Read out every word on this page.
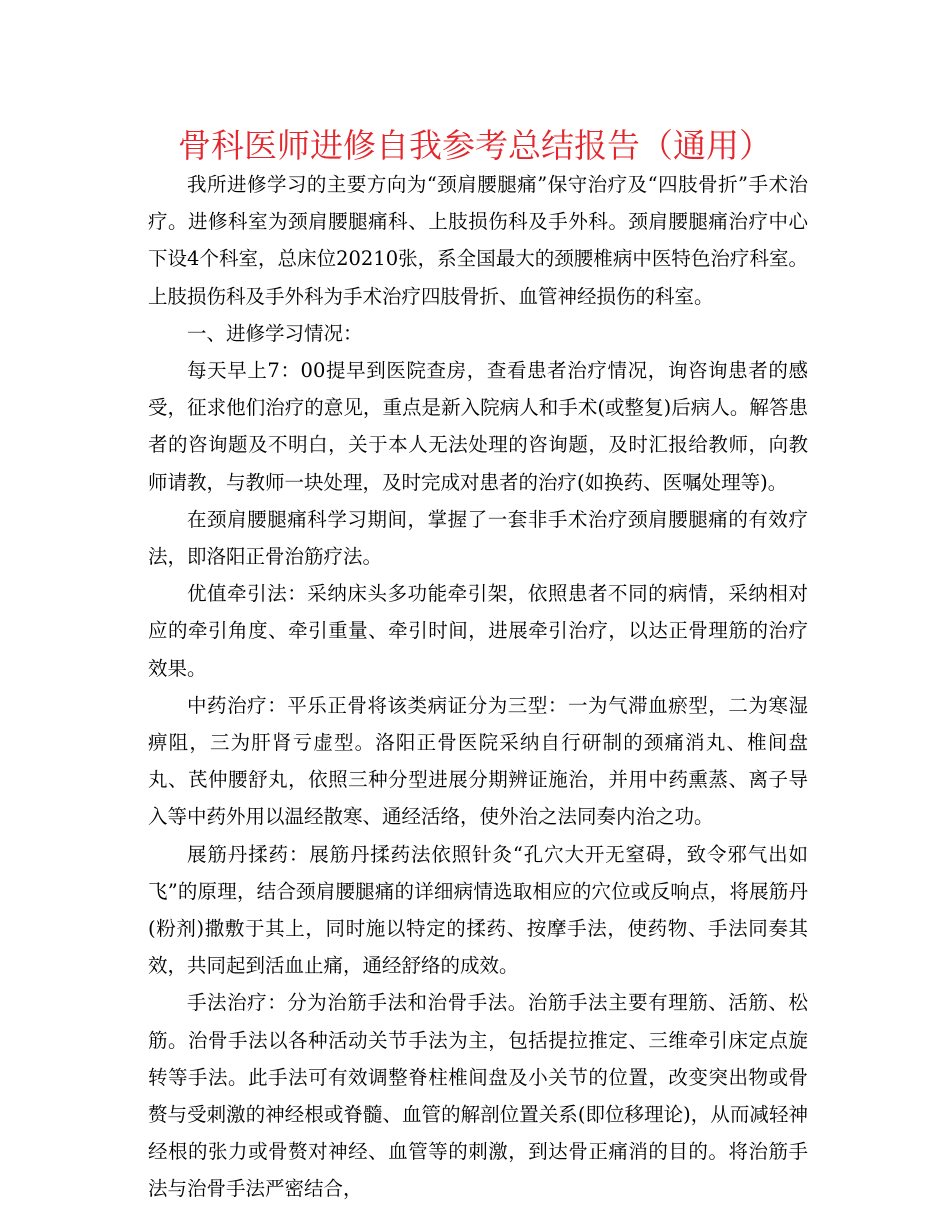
骨科医师进修自我参考总结报告（通用）

我所进修学习的主要方向为“颈肩腰腿痛”保守治疗及“四肢骨折”手术治疗。进修科室为颈肩腰腿痛科、上肢损伤科及手外科。颈肩腰腿痛治疗中心下设4个科室，总床位20210张，系全国最大的颈腰椎病中医特色治疗科室。上肢损伤科及手外科为手术治疗四肢骨折、血管神经损伤的科室。

一、进修学习情况：

每天早上7：00提早到医院查房，查看患者治疗情况，询咨询患者的感受，征求他们治疗的意见，重点是新入院病人和手术(或整复)后病人。解答患者的咨询题及不明白，关于本人无法处理的咨询题，及时汇报给教师，向教师请教，与教师一块处理，及时完成对患者的治疗(如换药、医嘱处理等)。

在颈肩腰腿痛科学习期间，掌握了一套非手术治疗颈肩腰腿痛的有效疗法，即洛阳正骨治筋疗法。

优值牵引法：采纳床头多功能牵引架，依照患者不同的病情，采纳相对应的牵引角度、牵引重量、牵引时间，进展牵引治疗，以达正骨理筋的治疗效果。

中药治疗：平乐正骨将该类病证分为三型：一为气滞血瘀型，二为寒湿痹阻，三为肝肾亏虚型。洛阳正骨医院采纳自行研制的颈痛消丸、椎间盘丸、芪仲腰舒丸，依照三种分型进展分期辨证施治，并用中药熏蒸、离子导入等中药外用以温经散寒、通经活络，使外治之法同奏内治之功。

展筋丹揉药：展筋丹揉药法依照针灸“孔穴大开无窒碍，致令邪气出如飞”的原理，结合颈肩腰腿痛的详细病情选取相应的穴位或反响点，将展筋丹(粉剂)撒敷于其上，同时施以特定的揉药、按摩手法，使药物、手法同奏其效，共同起到活血止痛，通经舒络的成效。

手法治疗：分为治筋手法和治骨手法。治筋手法主要有理筋、活筋、松筋。治骨手法以各种活动关节手法为主，包括提拉推定、三维牵引床定点旋转等手法。此手法可有效调整脊柱椎间盘及小关节的位置，改变突出物或骨赘与受刺激的神经根或脊髓、血管的解剖位置关系(即位移理论)，从而减轻神经根的张力或骨赘对神经、血管等的刺激，到达骨正痛消的目的。将治筋手法与治骨手法严密结合，
